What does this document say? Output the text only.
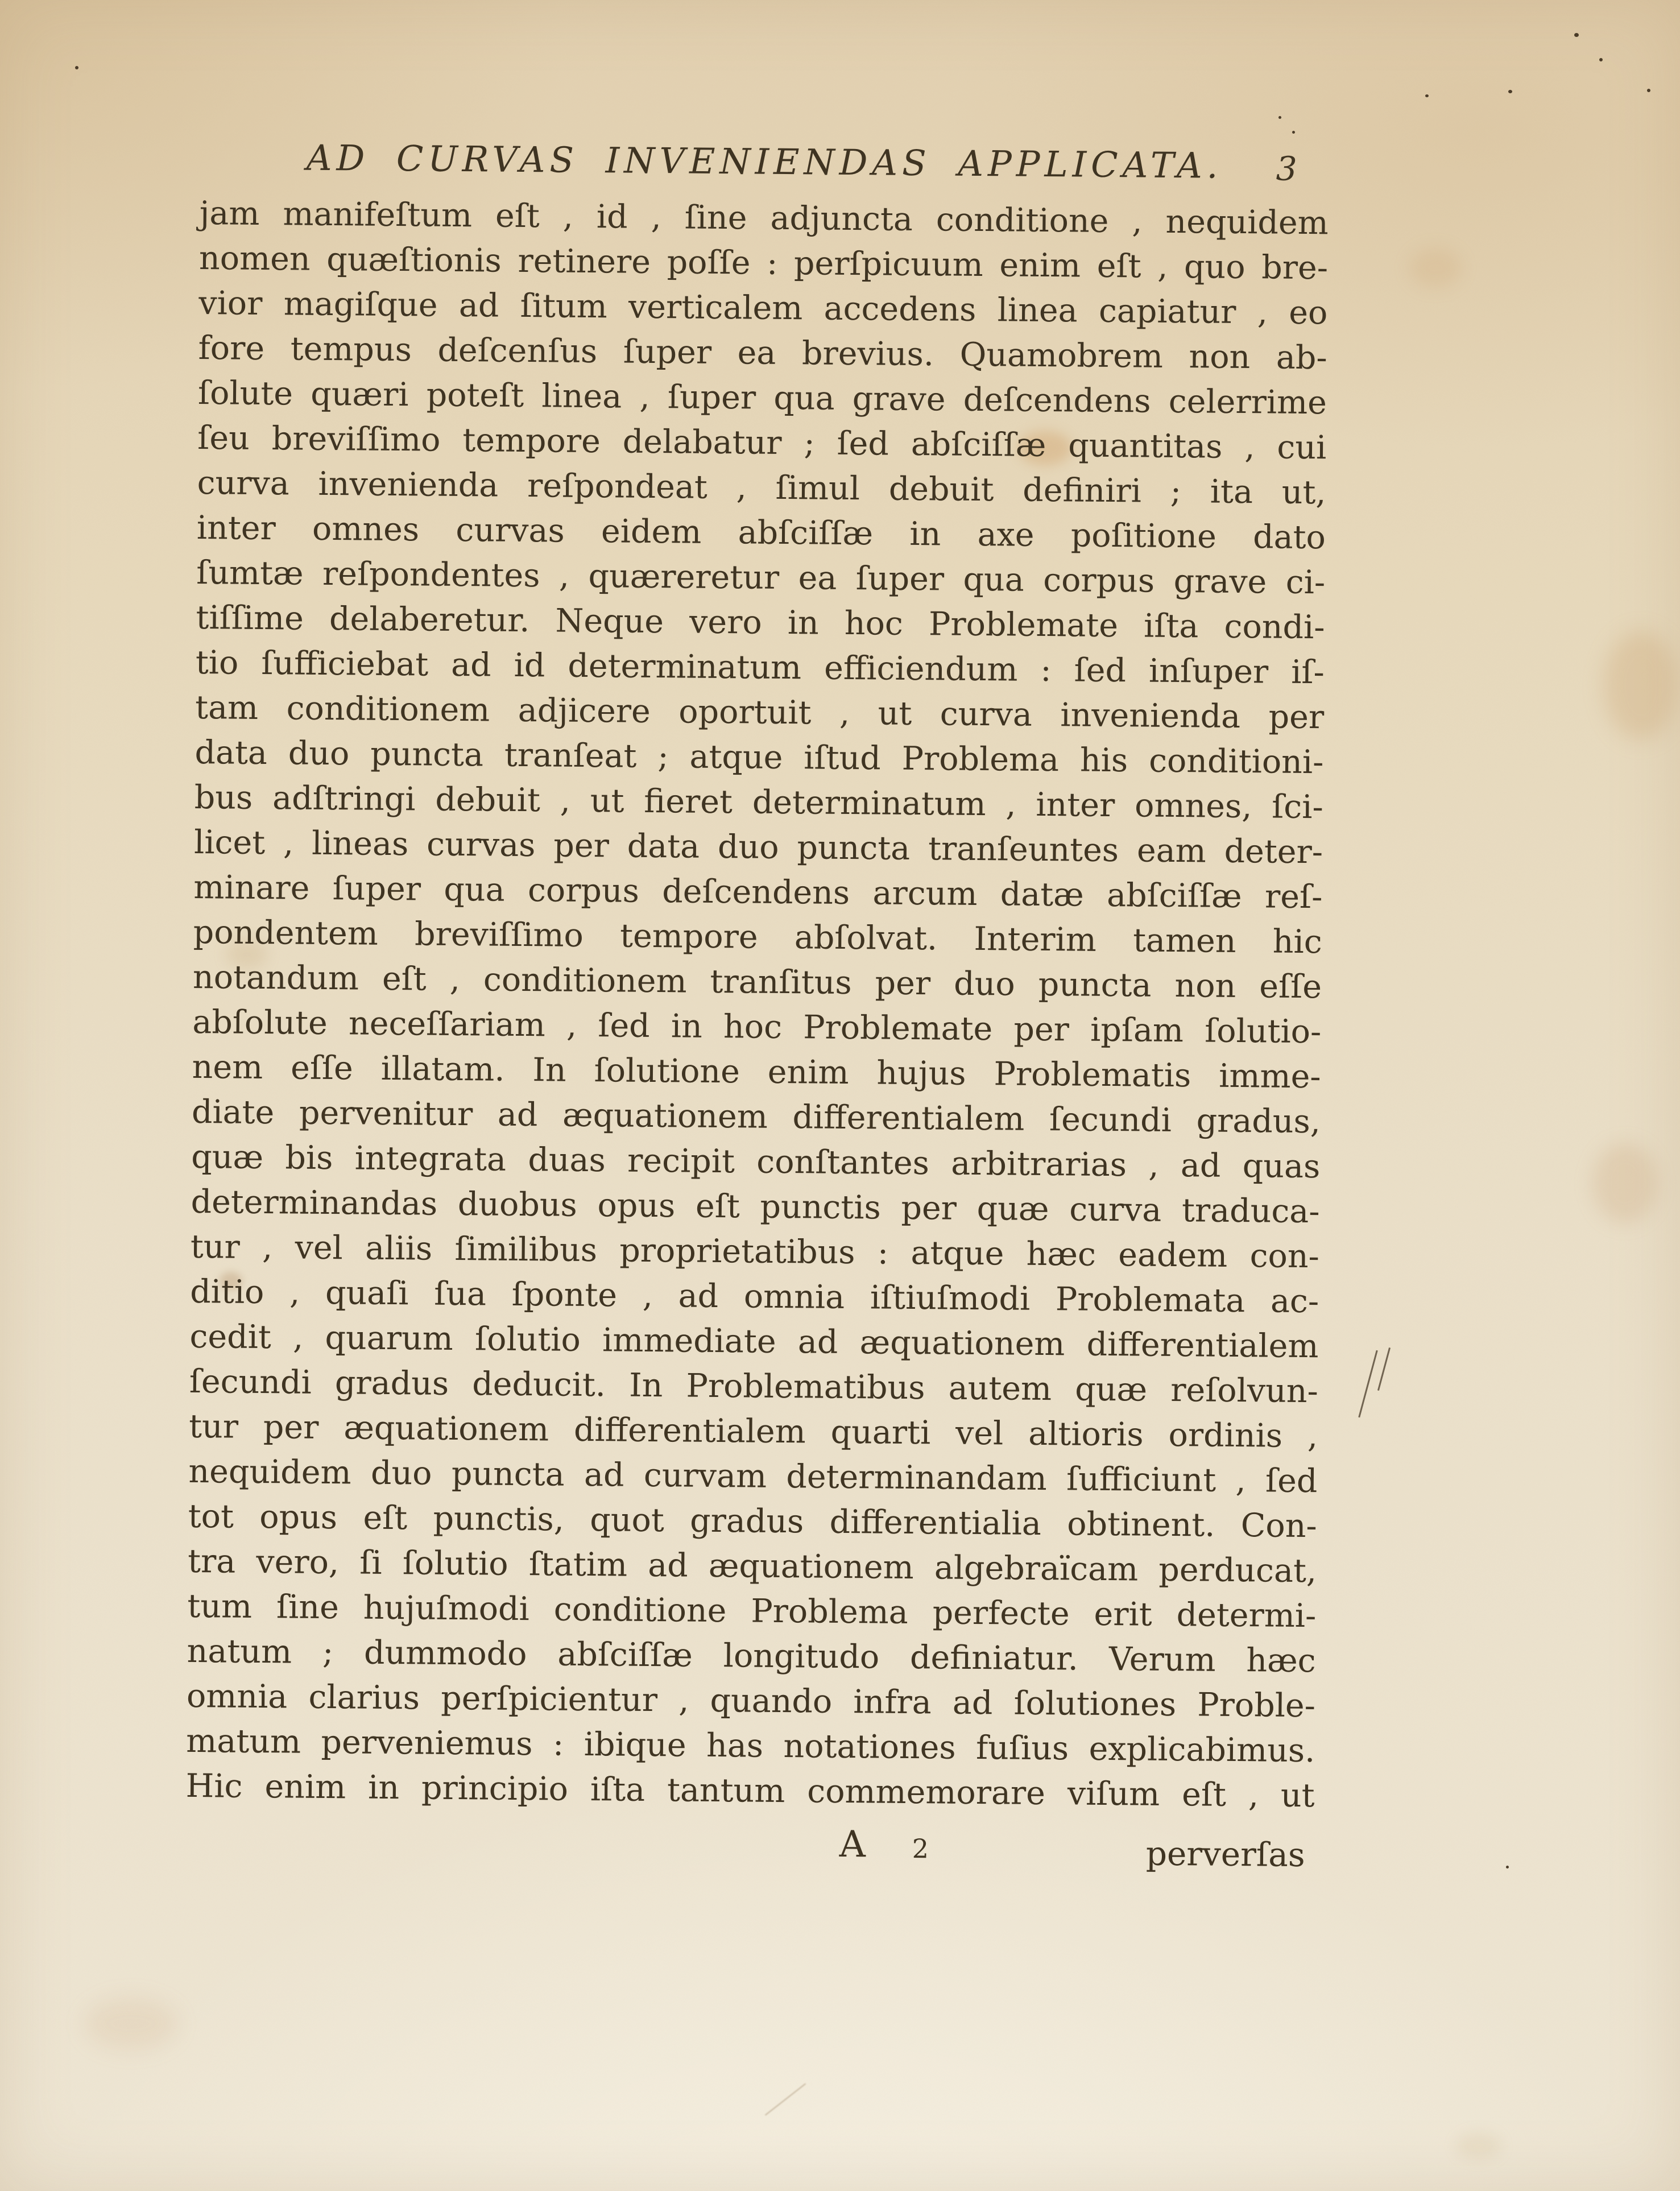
AD CURVAS INVENIENDAS APPLICATA. 3
jam manifeſtum eſt , id , ſine adjuncta conditione , nequidem
nomen quæſtionis retinere poſſe : perſpicuum enim eſt , quo bre-
vior magiſque ad ſitum verticalem accedens linea capiatur , eo
fore tempus deſcenſus ſuper ea brevius. Quamobrem non ab-
ſolute quæri poteſt linea , ſuper qua grave deſcendens celerrime
ſeu breviſſimo tempore delabatur ; ſed abſciſſæ quantitas , cui
curva invenienda reſpondeat , ſimul debuit definiri ; ita ut,
inter omnes curvas eidem abſciſſæ in axe poſitione dato
ſumtæ reſpondentes , quæreretur ea ſuper qua corpus grave ci-
tiſſime delaberetur. Neque vero in hoc Problemate iſta condi-
tio ſufficiebat ad id determinatum efficiendum : ſed inſuper iſ-
tam conditionem adjicere oportuit , ut curva invenienda per
data duo puncta tranſeat ; atque iſtud Problema his conditioni-
bus adſtringi debuit , ut fieret determinatum , inter omnes, ſci-
licet , lineas curvas per data duo puncta tranſeuntes eam deter-
minare ſuper qua corpus deſcendens arcum datæ abſciſſæ reſ-
pondentem breviſſimo tempore abſolvat. Interim tamen hic
notandum eſt , conditionem tranſitus per duo puncta non eſſe
abſolute neceſſariam , ſed in hoc Problemate per ipſam ſolutio-
nem eſſe illatam. In ſolutione enim hujus Problematis imme-
diate pervenitur ad æquationem differentialem ſecundi gradus,
quæ bis integrata duas recipit conſtantes arbitrarias , ad quas
determinandas duobus opus eſt punctis per quæ curva traduca-
tur , vel aliis ſimilibus proprietatibus : atque hæc eadem con-
ditio , quaſi ſua ſponte , ad omnia iſtiuſmodi Problemata ac-
cedit , quarum ſolutio immediate ad æquationem differentialem
ſecundi gradus deducit. In Problematibus autem quæ reſolvun-
tur per æquationem differentialem quarti vel altioris ordinis ,
nequidem duo puncta ad curvam determinandam ſufficiunt , ſed
tot opus eſt punctis, quot gradus differentialia obtinent. Con-
tra vero, ſi ſolutio ſtatim ad æquationem algebraïcam perducat,
tum ſine hujuſmodi conditione Problema perfecte erit determi-
natum ; dummodo abſciſſæ longitudo definiatur. Verum hæc
omnia clarius perſpicientur , quando infra ad ſolutiones Proble-
matum perveniemus : ibique has notationes fuſius explicabimus.
Hic enim in principio iſta tantum commemorare viſum eſt , ut
A 2	perverſas
